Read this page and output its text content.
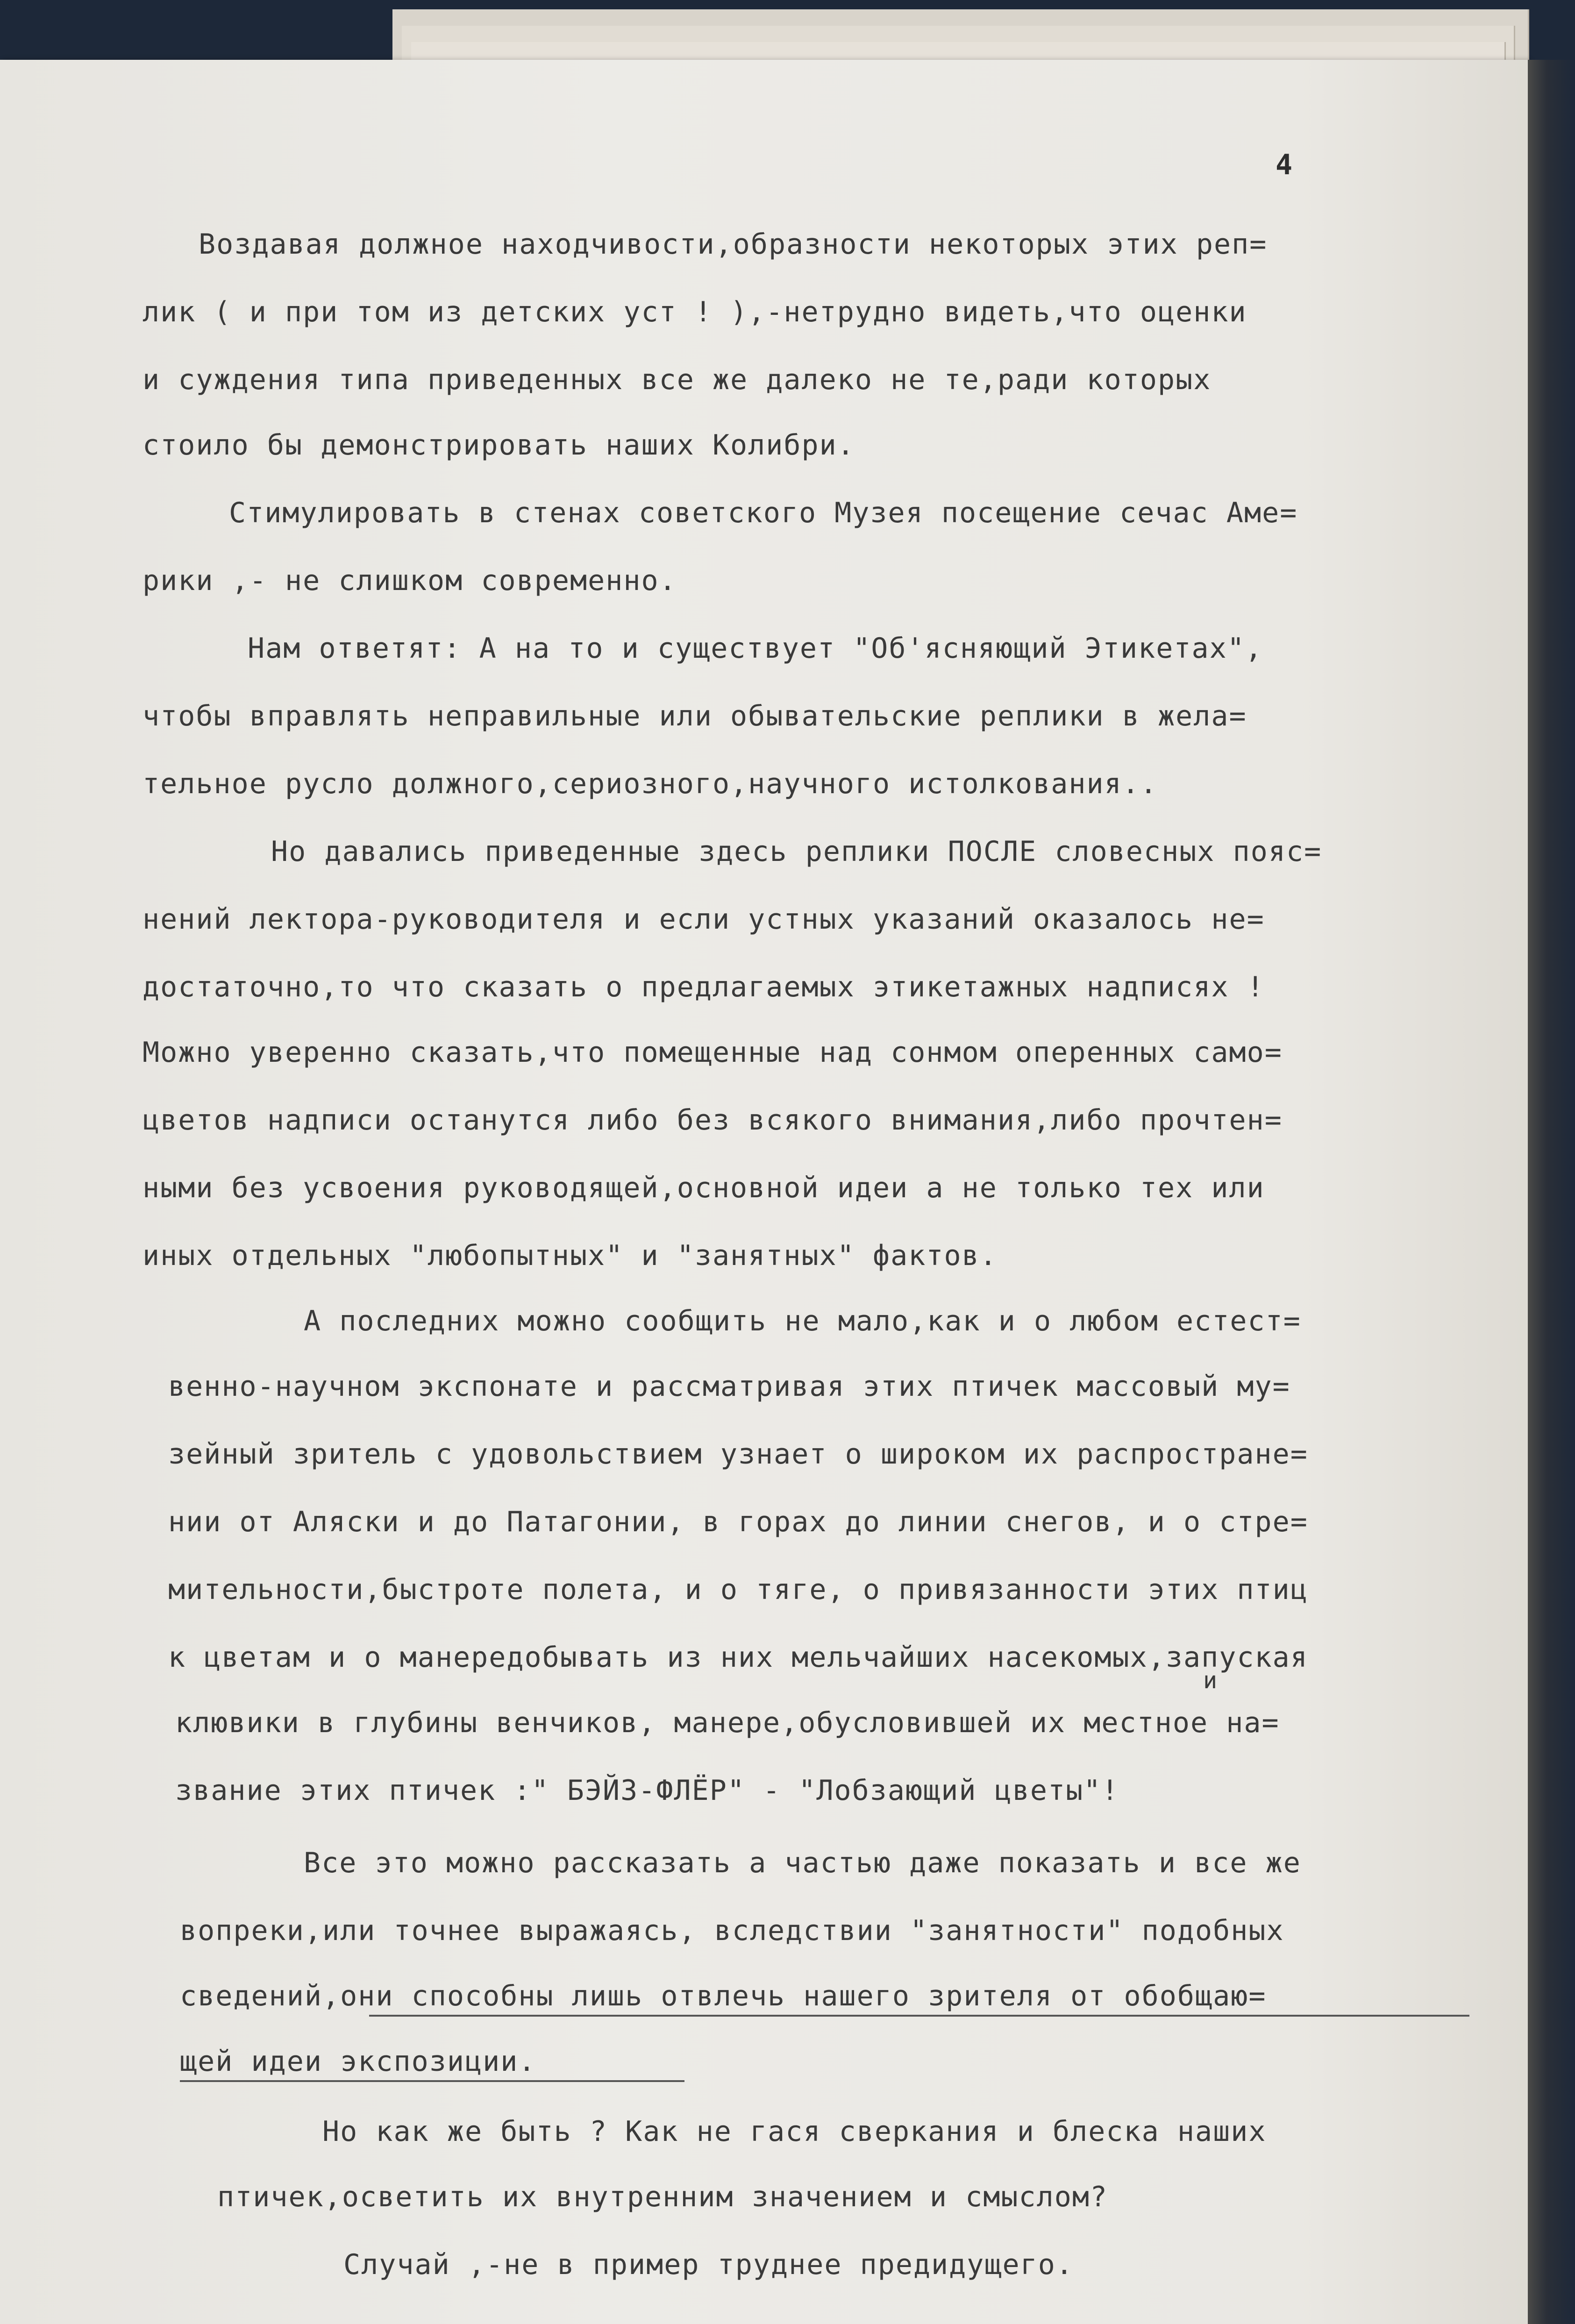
4
Воздавая должное находчивости,образности некоторых этих реп=
лик ( и при том из детских уст ! ),-нетрудно видеть,что оценки
и суждения типа приведенных все же далеко не те,ради которых
стоило бы демонстрировать наших Колибри.
Стимулировать в стенах советского Музея посещение сечас Аме=
рики ,- не слишком современно.
Нам ответят: А на то и существует "Об'ясняющий Этикетах",
чтобы вправлять неправильные или обывательские реплики в жела=
тельное русло должного,сериозного,научного истолкования..
Но давались приведенные здесь реплики ПОСЛЕ словесных пояс=
нений лектора-руководителя и если устных указаний оказалось не=
достаточно,то что сказать о предлагаемых этикетажных надписях !
Можно уверенно сказать,что помещенные над сонмом оперенных само=
цветов надписи останутся либо без всякого внимания,либо прочтен=
ными без усвоения руководящей,основной идеи а не только тех или
иных отдельных "любопытных" и "занятных" фактов.
А последних можно сообщить не мало,как и о любом естест=
венно-научном экспонате и рассматривая этих птичек массовый му=
зейный зритель с удовольствием узнает о широком их распростране=
нии от Аляски и до Патагонии, в горах до линии снегов, и о стре=
мительности,быстроте полета, и о тяге, о привязанности этих птиц
к цветам и о манередобывать из них мельчайших насекомых,запуская
и
клювики в глубины венчиков, манере,обусловившей их местное на=
звание этих птичек :" БЭЙЗ-ФЛЁР" - "Лобзающий цветы"!
Все это можно рассказать а частью даже показать и все же
вопреки,или точнее выражаясь, вследствии "занятности" подобных
сведений,они способны лишь отвлечь нашего зрителя от обобщаю=
щей идеи экспозиции.
Но как же быть ? Как не гася сверкания и блеска наших
птичек,осветить их внутренним значением и смыслом?
Случай ,-не в пример труднее предидущего.
